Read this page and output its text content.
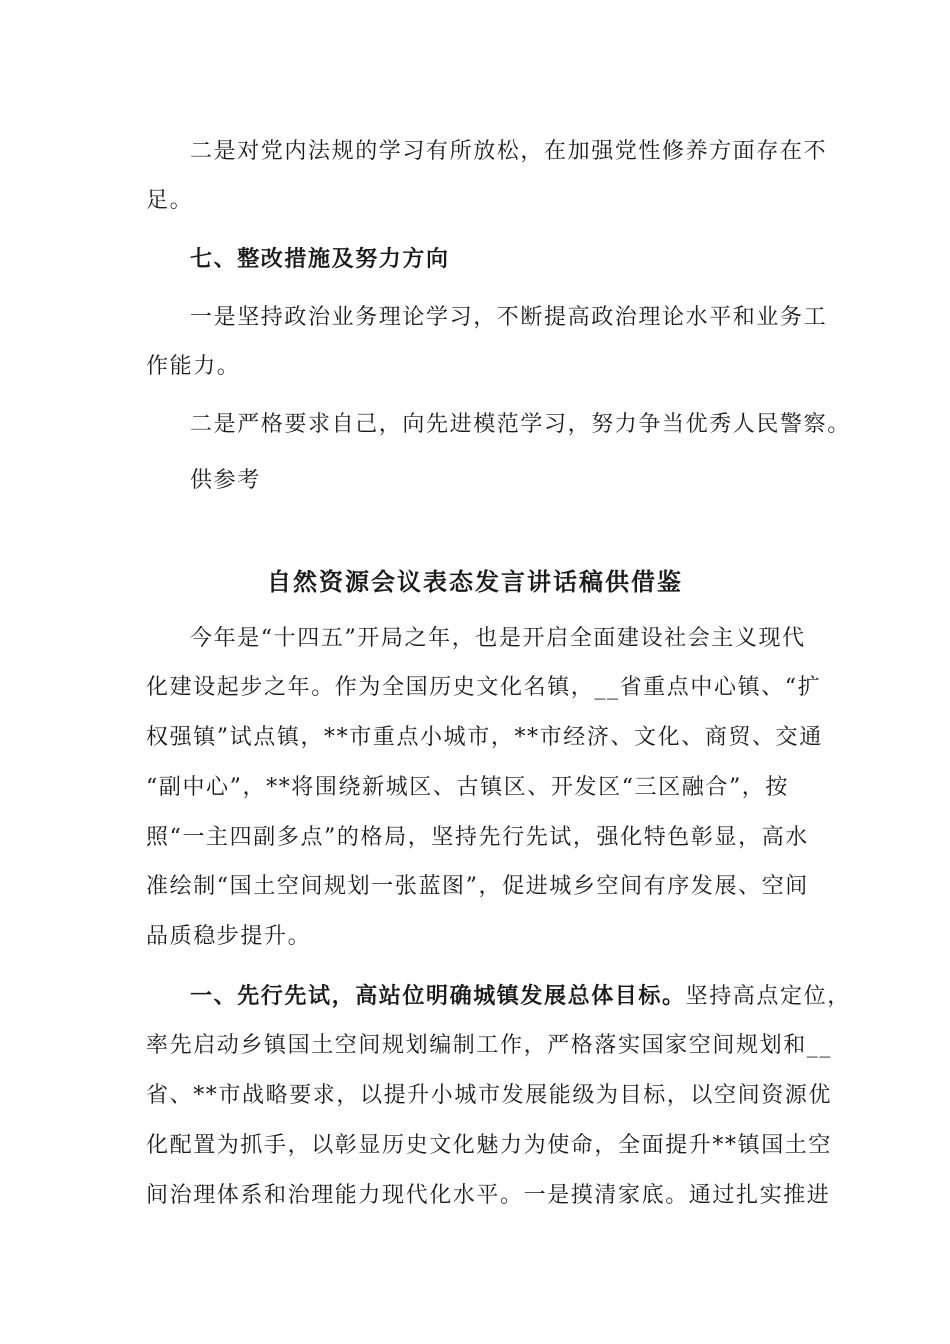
二是对党内法规的学习有所放松，在加强党性修养方面存在不
足。
七、整改措施及努力方向
一是坚持政治业务理论学习，不断提高政治理论水平和业务工
作能力。
二是严格要求自己，向先进模范学习，努力争当优秀人民警察。
供参考
自然资源会议表态发言讲话稿供借鉴
今年是“十四五”开局之年，也是开启全面建设社会主义现代
化建设起步之年。作为全国历史文化名镇，__省重点中心镇、“扩
权强镇”试点镇，**市重点小城市，**市经济、文化、商贸、交通
“副中心”，**将围绕新城区、古镇区、开发区“三区融合”，按
照“一主四副多点”的格局，坚持先行先试，强化特色彰显，高水
准绘制“国土空间规划一张蓝图”，促进城乡空间有序发展、空间
品质稳步提升。
一、先行先试，高站位明确城镇发展总体目标。坚持高点定位，
率先启动乡镇国土空间规划编制工作，严格落实国家空间规划和__
省、**市战略要求，以提升小城市发展能级为目标，以空间资源优
化配置为抓手，以彰显历史文化魅力为使命，全面提升**镇国土空
间治理体系和治理能力现代化水平。一是摸清家底。通过扎实推进
